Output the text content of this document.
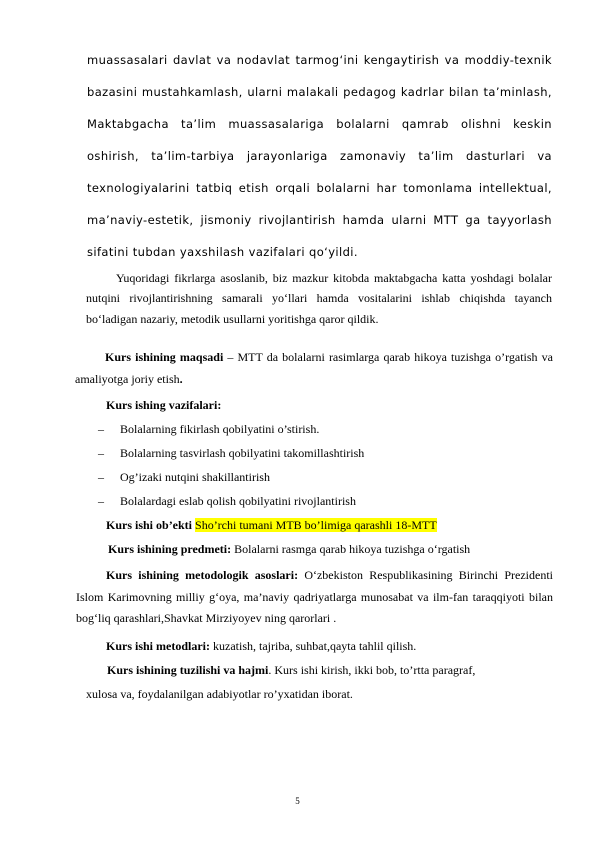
muassasalari davlat va nodavlat tarmog‘ini kengaytirish va moddiy-texnik

bazasini mustahkamlash, ularni malakali pedagog kadrlar bilan ta’minlash,

Maktabgacha ta’lim muassasalariga bolalarni qamrab olishni keskin

oshirish, ta’lim-tarbiya jarayonlariga zamonaviy ta’lim dasturlari va

texnologiyalarini tatbiq etish orqali bolalarni har tomonlama intellektual,

ma’naviy-estetik, jismoniy rivojlantirish hamda ularni MTT ga tayyorlash

sifatini tubdan yaxshilash vazifalari qo‘yildi.

Yuqoridagi fikrlarga asoslanib, biz mazkur kitobda maktabgacha katta yoshdagi bolalar nutqini rivojlantirishning samarali yo‘llari hamda vositalarini ishlab chiqishda tayanch bo‘ladigan nazariy, metodik usullarni yoritishga qaror qildik.

Kurs ishining maqsadi – MTT da bolalarni rasimlarga qarab hikoya tuzishga o’rgatish va amaliyotga joriy etish.

Kurs ishing vazifalari:

– Bolalarning fikirlash qobilyatini o’stirish.

– Bolalarning tasvirlash qobilyatini takomillashtirish

– Og’izaki nutqini shakillantirish

– Bolalardagi eslab qolish qobilyatini rivojlantirish

Kurs ishi ob’ekti Sho’rchi tumani MTB bo’limiga qarashli 18-MTT

Kurs ishining predmeti: Bolalarni rasmga qarab hikoya tuzishga o‘rgatish

Kurs ishining metodologik asoslari: O‘zbekiston Respublikasining Birinchi Prezidenti Islom Karimovning milliy g‘oya, ma’naviy qadriyatlarga munosabat va ilm-fan taraqqiyoti bilan bog‘liq qarashlari,Shavkat Mirziyoyev ning qarorlari .

Kurs ishi metodlari: kuzatish, tajriba, suhbat,qayta tahlil qilish.

Kurs ishining tuzilishi va hajmi. Kurs ishi kirish, ikki bob, to’rtta paragraf,

xulosa va, foydalanilgan adabiyotlar ro’yxatidan iborat.

5
